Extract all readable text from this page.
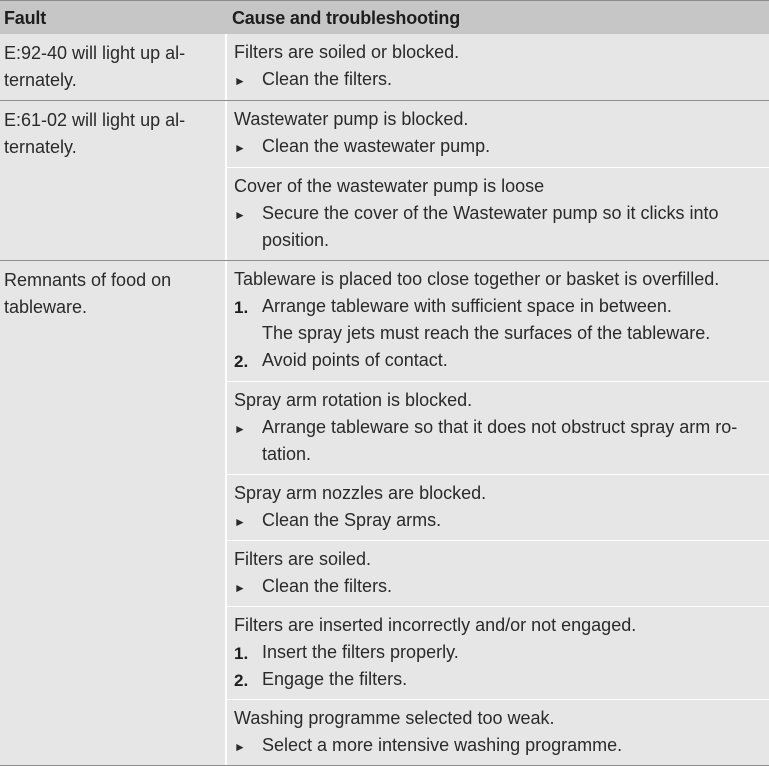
Fault	Cause and troubleshooting
E:92-40 will light up al-
ternately.
Filters are soiled or blocked.
► Clean the filters.
E:61-02 will light up al-
ternately.
Wastewater pump is blocked.
► Clean the wastewater pump.
Cover of the wastewater pump is loose
► Secure the cover of the Wastewater pump so it clicks into
position.
Remnants of food on
tableware.
Tableware is placed too close together or basket is overfilled.
1. Arrange tableware with sufficient space in between.
The spray jets must reach the surfaces of the tableware.
2. Avoid points of contact.
Spray arm rotation is blocked.
► Arrange tableware so that it does not obstruct spray arm ro-
tation.
Spray arm nozzles are blocked.
► Clean the Spray arms.
Filters are soiled.
► Clean the filters.
Filters are inserted incorrectly and/or not engaged.
1. Insert the filters properly.
2. Engage the filters.
Washing programme selected too weak.
► Select a more intensive washing programme.
